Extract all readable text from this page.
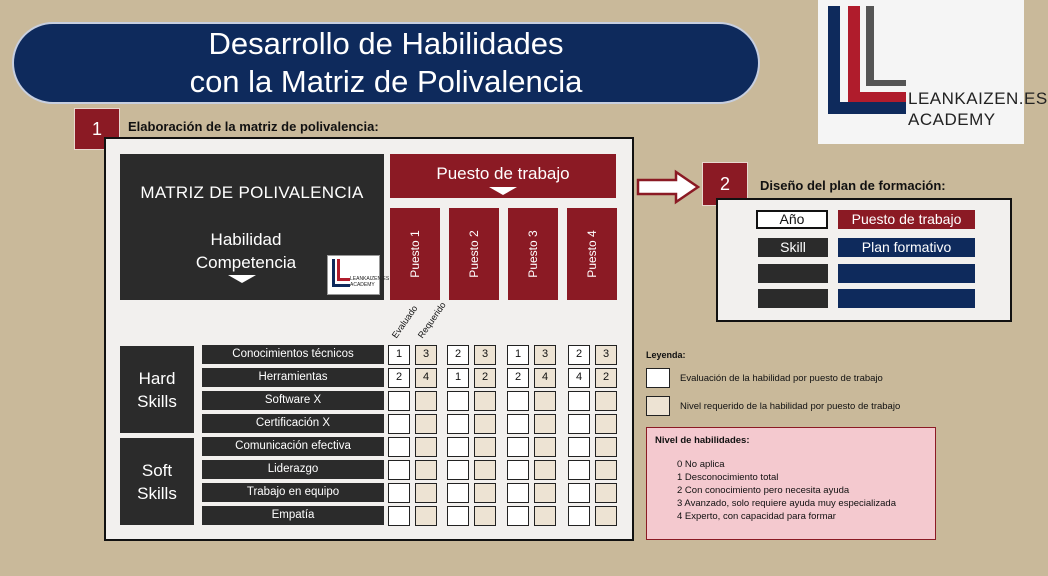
Desarrollo de Habilidades
con la Matriz de Polivalencia	LEANKAIZEN.ES
ACADEMY
1 Elaboración de la matriz de polivalencia:
MATRIZ DE POLIVALENCIA
Habilidad
Competencia
LEANKAIZEN.ES
ACADEMY
Puesto de trabajo
Puesto 1	Puesto 2	Puesto 3	Puesto 4
Evaluado
Requerido
Hard
Skills
Soft
Skills
Conocimientos técnicos	1	3	2	3	1	3	2	3
Herramientas	2	4	1	2	2	4	4	2
Software X
Certificación X
Comunicación efectiva
Liderazgo
Trabajo en equipo
Empatía
Leyenda:
Evaluación de la habilidad por puesto de trabajo
Nivel requerido de la habilidad por puesto de trabajo
Nivel de habilidades:
0 No aplica
1 Desconocimiento total
2 Con conocimiento pero necesita ayuda
3 Avanzado, solo requiere ayuda muy especializada
4 Experto, con capacidad para formar
2 Diseño del plan de formación:
Año	Puesto de trabajo
Skill	Plan formativo
